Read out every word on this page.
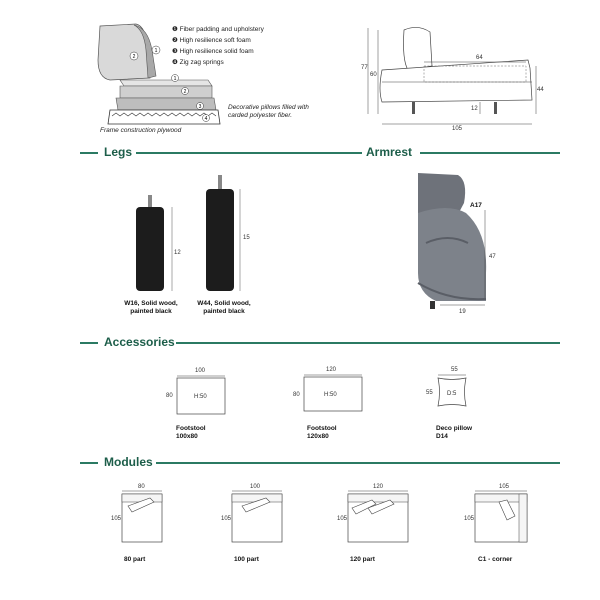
2
1
1
2
3
4
❶ Fiber padding and upholstery
❷ High resilience soft foam
❸ High resilience solid foam
❹ Zig zag springs
Decorative pillows filled with carded polyester fiber.
Frame construction plywood
77
60
64
44
12
105
Legs	Armrest
12
W16, Solid wood,
painted black
15
W44, Solid wood,
painted black
A17
47
19
Accessories
100
80	H:50
Footstool
100x80
120
80	H:50
Footstool
120x80
55
55 D:5
Deco pillow
D14
Modules
80
105
80 part
100
105
100 part
120
105
120 part
105
105
C1 - corner
